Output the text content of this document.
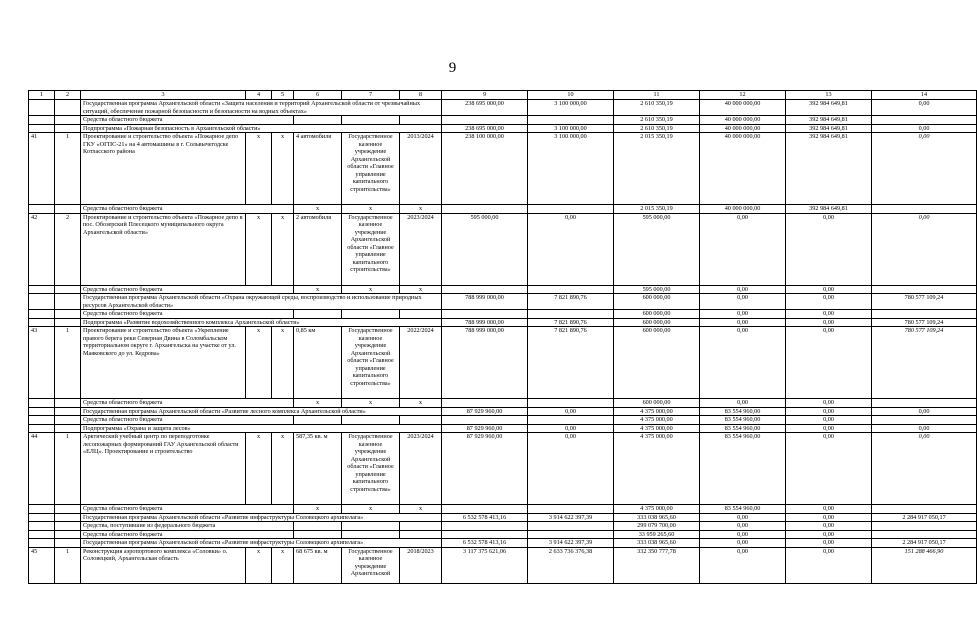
9
1	2	3	4	5	6	7	8	9	10	11	12	13	14
		Государственная программа Архангельской области «Защита населения и территорий Архангельской области от чрезвычайных ситуаций, обеспечение пожарной безопасности и безопасности на водных объектах»						238 695 000,00	3 100 000,00	2 610 350,19	40 000 000,00	392 984 649,81	0,00
		Средства областного бюджета								2 610 350,19	40 000 000,00	392 984 649,81	
		Подпрограмма «Пожарная безопасность в Архангельской области»						238 695 000,00	3 100 000,00	2 610 350,19	40 000 000,00	392 984 649,81	0,00
41	1	Проектирование и строительство объекта «Пожарное депо ГКУ «ОГПС-21» на 4 автомашины в г. Сольвычегодске Котласского района	х	х	4 автомобиля	Государственное казенное учреждение Архангельской области «Главное управление капитального строительства»	2013/2024	238 100 000,00	3 100 000,00	2 015 350,19	40 000 000,00	392 984 649,81	0,00
		Средства областного бюджета			х	х	х			2 015 350,19	40 000 000,00	392 984 649,81	
42	2	Проектирование и строительство объекта «Пожарное депо в пос. Обозерский Плесецкого муниципального округа Архангельской области»	х	х	2 автомобиля	Государственное казенное учреждение Архангельской области «Главное управление капитального строительства»	2023/2024	595 000,00	0,00	595 000,00	0,00	0,00	0,00
		Средства областного бюджета			х	х	х			595 000,00	0,00	0,00	
		Государственная программа Архангельской области «Охрана окружающей среды, воспроизводство и использование природных ресурсов Архангельской области»						788 999 000,00	7 821 890,76	600 000,00	0,00	0,00	780 577 109,24
		Средства областного бюджета								600 000,00	0,00	0,00	
		Подпрограмма «Развитие водохозяйственного комплекса Архангельской области»						788 999 000,00	7 821 890,76	600 000,00	0,00	0,00	780 577 109,24
43	1	Проектирование и строительство объекта «Укрепление правого берега реки Северная Двина в Соломбальском территориальном округе г. Архангельска на участке от ул. Маяковского до ул. Кедрова»	х	х	0,85 км	Государственное казенное учреждение Архангельской области «Главное управление капитального строительства»	2022/2024	788 999 000,00	7 821 890,76	600 000,00	0,00	0,00	780 577 109,24
		Средства областного бюджета			х	х	х			600 000,00	0,00	0,00	
		Государственная программа Архангельской области «Развитие лесного комплекса Архангельской области»						87 929 960,00	0,00	4 375 000,00	83 554 960,00	0,00	0,00
		Средства областного бюджета								4 375 000,00	83 554 960,00	0,00	
		Подпрограмма «Охрана и защита лесов»						87 929 960,00	0,00	4 375 000,00	83 554 960,00	0,00	0,00
44	1	Арктический учебный центр по переподготовке лесопожарных формирований ГАУ Архангельской области «ЕЛЦ». Проектирование и строительство	х	х	587,35 кв. м	Государственное казенное учреждение Архангельской области «Главное управление капитального строительства»	2023/2024	87 929 960,00	0,00	4 375 000,00	83 554 960,00	0,00	0,00
		Средства областного бюджета			х	х	х			4 375 000,00	83 554 960,00	0,00	
		Государственная программа Архангельской области «Развитие инфраструктуры Соловецкого архипелага»						6 532 578 413,16	3 914 622 397,39	333 038 965,60	0,00	0,00	2 284 917 050,17
		Средства, поступившие из федерального бюджета								299 079 700,00	0,00	0,00	
		Средства областного бюджета								33 959 265,60	0,00	0,00	
		Государственная программа Архангельской области «Развитие инфраструктуры Соловецкого архипелага»						6 532 578 413,16	3 914 622 397,39	333 038 965,60	0,00	0,00	2 284 917 050,17
45	1	Реконструкция аэропортового комплекса «Соловки» о. Соловецкий, Архангельская область	х	х	68 675 кв. м	Государственное казенное учреждение Архангельской	2018/2023	3 117 375 621,06	2 633 736 376,38	332 350 777,78	0,00	0,00	151 288 466,90
